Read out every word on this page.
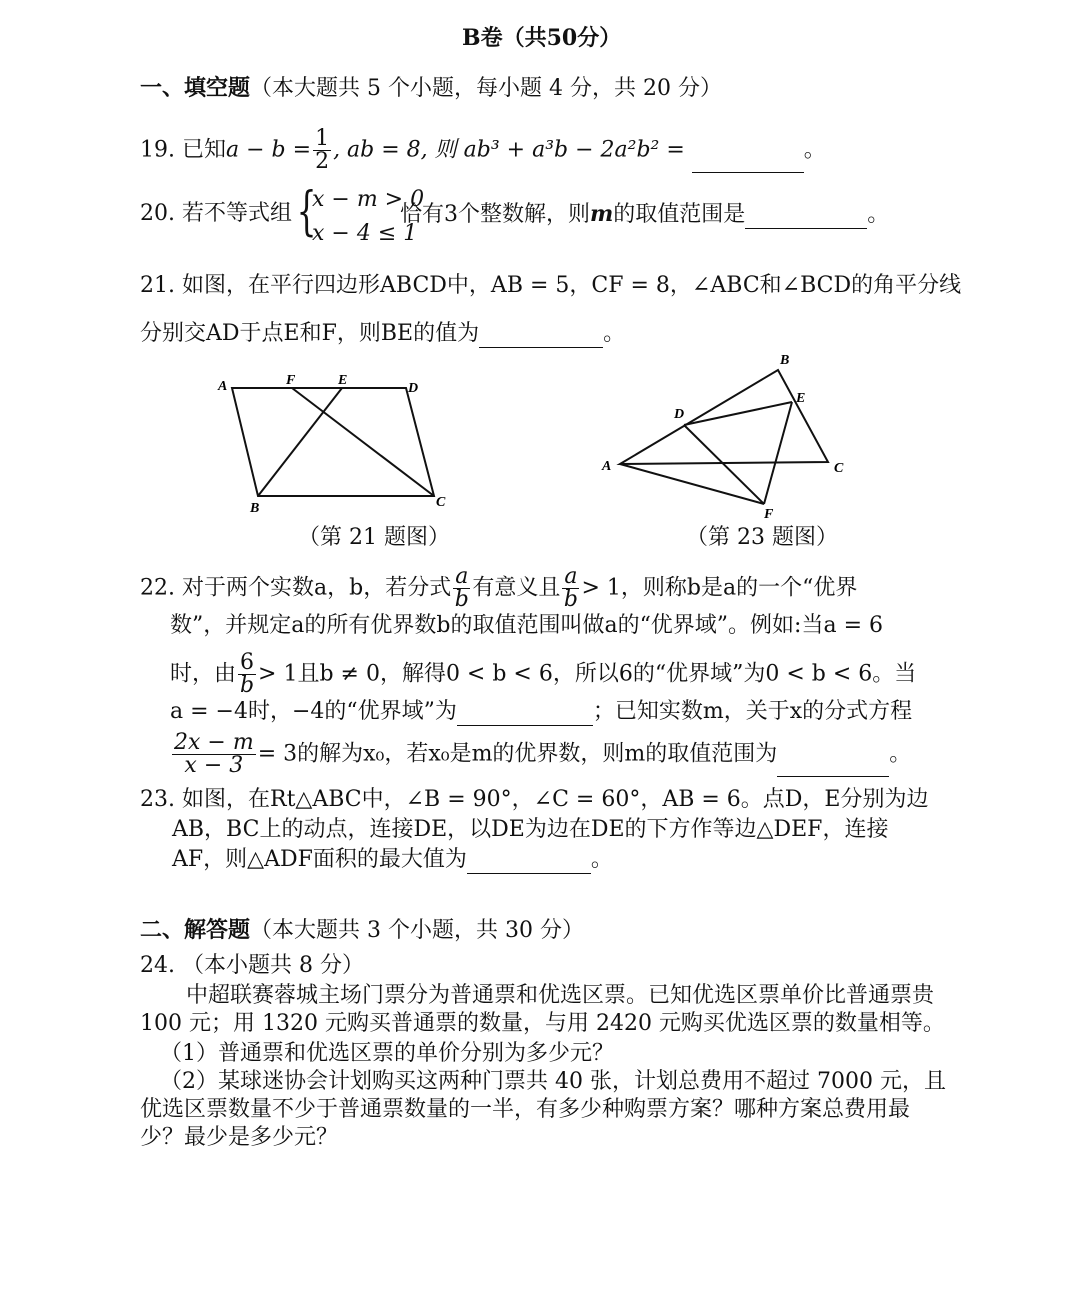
B卷（共50分）
一、填空题（本大题共 5 个小题，每小题 4 分，共 20 分）
19. 已知$a - b = \frac{1}{2}$ , ab = 8, 则 ab³ + a³b − 2a²b² =	。
20. 若不等式组 {
x − m > 0
x − 4 ≤ 1
恰有3个整数解，则m的取值范围是	。
21. 如图，在平行四边形ABCD中，AB = 5，CF = 8，∠ABC和∠BCD的角平分线
分别交AD于点E和F，则BE的值为	。
A	F	E
D
B	C
（第 21 题图）
A
B
C
D
E
F
（第 23 题图）
22. 对于两个实数a，b，若分式 $\frac{a}{b}$ 有意义且 $\frac{a}{b} > 1$，则称b是a的一个“优界
数”，并规定a的所有优界数b的取值范围叫做a的“优界域”。例如:当a = 6
时，由 $\frac{6}{b} > 1$且b ≠ 0，解得0 < b < 6，所以6的“优界域”为0 < b < 6。当
a = −4时，−4的“优界域”为	；已知实数m，关于x的分式方程
$\frac{2x - m}{x - 3} = 3$的解为x₀，若x₀是m的优界数，则m的取值范围为	。
23. 如图，在Rt△ABC中，∠B = 90°，∠C = 60°，AB = 6。点D，E分别为边
AB，BC上的动点，连接DE，以DE为边在DE的下方作等边△DEF，连接
AF，则△ADF面积的最大值为	。
二、解答题（本大题共 3 个小题，共 30 分）
24. （本小题共 8 分）
中超联赛蓉城主场门票分为普通票和优选区票。已知优选区票单价比普通票贵
100 元；用 1320 元购买普通票的数量，与用 2420 元购买优选区票的数量相等。
（1）普通票和优选区票的单价分别为多少元？
（2）某球迷协会计划购买这两种门票共 40 张，计划总费用不超过 7000 元，且
优选区票数量不少于普通票数量的一半，有多少种购票方案？哪种方案总费用最
少？最少是多少元？
